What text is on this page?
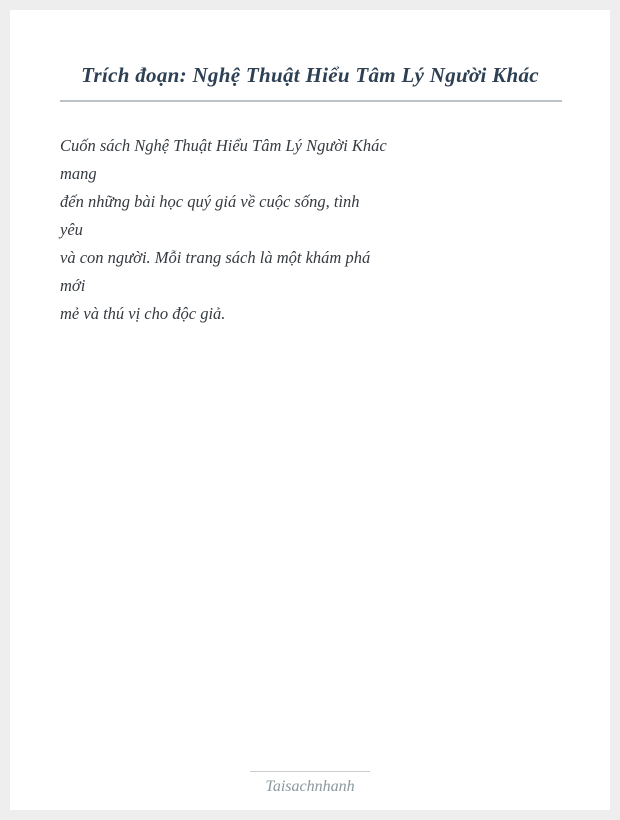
Trích đoạn: Nghệ Thuật Hiểu Tâm Lý Người Khác
Cuốn sách Nghệ Thuật Hiểu Tâm Lý Người Khác
mang
đến những bài học quý giá về cuộc sống, tình
yêu
và con người. Mỗi trang sách là một khám phá
mới
mẻ và thú vị cho độc giả.
Taisachnhanh
